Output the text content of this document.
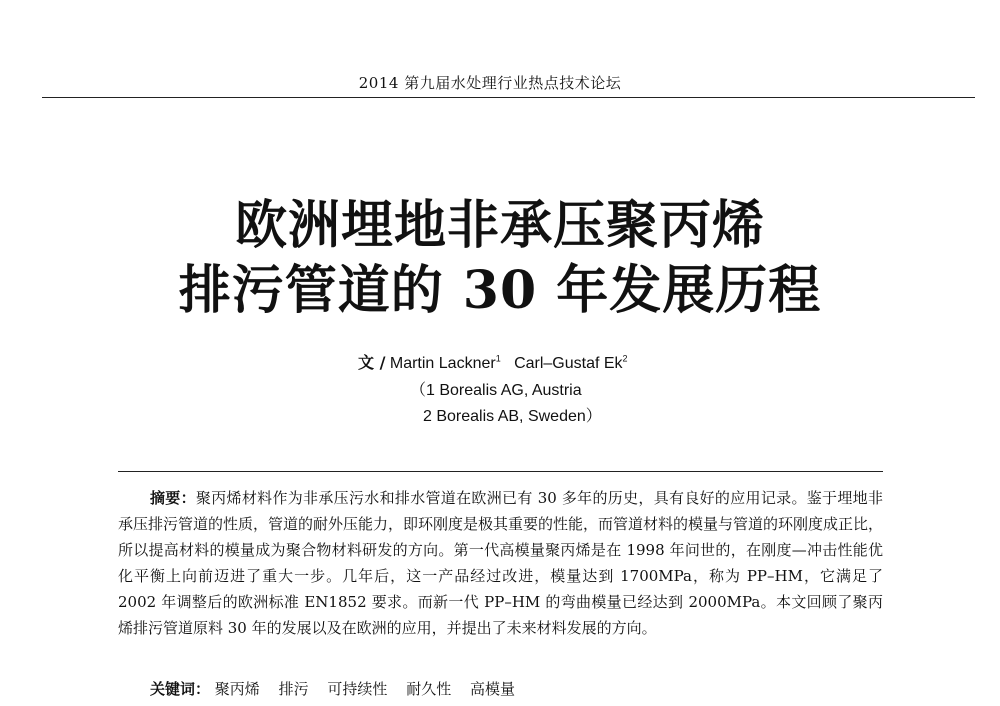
2014 第九届水处理行业热点技术论坛
欧洲埋地非承压聚丙烯
排污管道的 30 年发展历程
文 / Martin Lackner$^1$ Carl–Gustaf Ek$^2$
（1 Borealis AG, Austria
2 Borealis AB, Sweden）
摘要：聚丙烯材料作为非承压污水和排水管道在欧洲已有 30 多年的历史，具有良好的应用记录。鉴于埋地非承压排污管道的性质，管道的耐外压能力，即环刚度是极其重要的性能，而管道材料的模量与管道的环刚度成正比，所以提高材料的模量成为聚合物材料研发的方向。第一代高模量聚丙烯是在 1998 年问世的，在刚度—冲击性能优化平衡上向前迈进了重大一步。几年后，这一产品经过改进，模量达到 1700MPa，称为 PP–HM，它满足了 2002 年调整后的欧洲标准 EN1852 要求。而新一代 PP–HM 的弯曲模量已经达到 2000MPa。本文回顾了聚丙烯排污管道原料 30 年的发展以及在欧洲的应用，并提出了未来材料发展的方向。
关键词： 聚丙烯 排污 可持续性 耐久性 高模量
